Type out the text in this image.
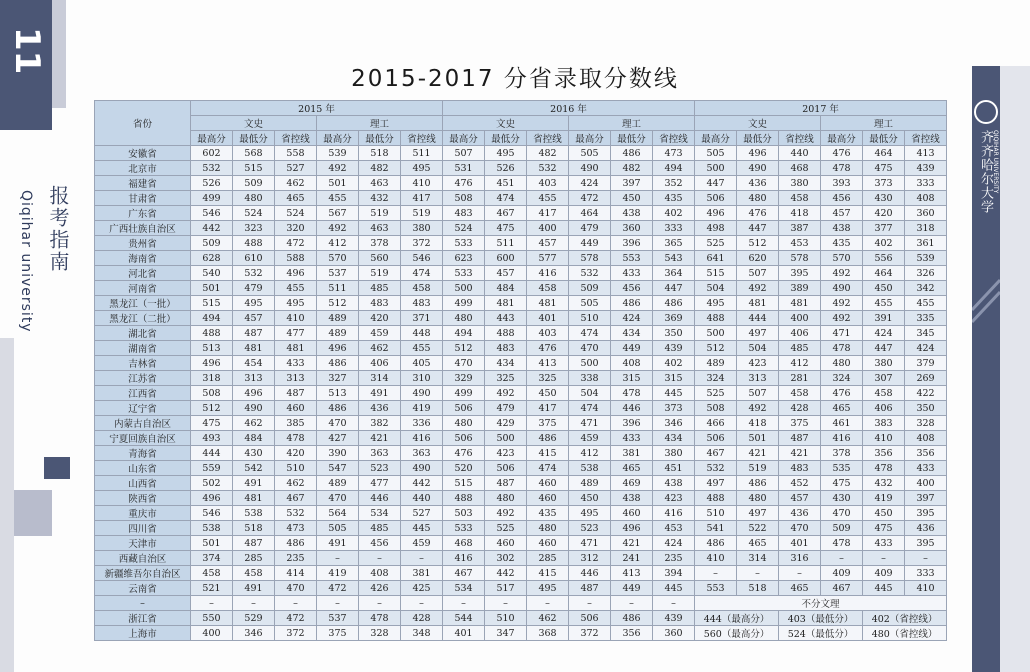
11
报考指南
Qiqihar university
齐齐哈尔大学 QIQIHAR UNIVERSITY
2015-2017 分省录取分数线
省份	2015 年						2016 年						2017 年					
	文史			理工			文史			理工			文史			理工		
	最高分	最低分	省控线	最高分	最低分	省控线	最高分	最低分	省控线	最高分	最低分	省控线	最高分	最低分	省控线	最高分	最低分	省控线
安徽省	602	568	558	539	518	511	507	495	482	505	486	473	505	496	440	476	464	413
北京市	532	515	527	492	482	495	531	526	532	490	482	494	500	490	468	478	475	439
福建省	526	509	462	501	463	410	476	451	403	424	397	352	447	436	380	393	373	333
甘肃省	499	480	465	455	432	417	508	474	455	472	450	435	506	480	458	456	430	408
广东省	546	524	524	567	519	519	483	467	417	464	438	402	496	476	418	457	420	360
广西壮族自治区	442	323	320	492	463	380	524	475	400	479	360	333	498	447	387	438	377	318
贵州省	509	488	472	412	378	372	533	511	457	449	396	365	525	512	453	435	402	361
海南省	628	610	588	570	560	546	623	600	577	578	553	543	641	620	578	570	556	539
河北省	540	532	496	537	519	474	533	457	416	532	433	364	515	507	395	492	464	326
河南省	501	479	455	511	485	458	500	484	458	509	456	447	504	492	389	490	450	342
黑龙江（一批）	515	495	495	512	483	483	499	481	481	505	486	486	495	481	481	492	455	455
黑龙江（二批）	494	457	410	489	420	371	480	443	401	510	424	369	488	444	400	492	391	335
湖北省	488	487	477	489	459	448	494	488	403	474	434	350	500	497	406	471	424	345
湖南省	513	481	481	496	462	455	512	483	476	470	449	439	512	504	485	478	447	424
吉林省	496	454	433	486	406	405	470	434	413	500	408	402	489	423	412	480	380	379
江苏省	318	313	313	327	314	310	329	325	325	338	315	315	324	313	281	324	307	269
江西省	508	496	487	513	491	490	499	492	450	504	478	445	525	507	458	476	458	422
辽宁省	512	490	460	486	436	419	506	479	417	474	446	373	508	492	428	465	406	350
内蒙古自治区	475	462	385	470	382	336	480	429	375	471	396	346	466	418	375	461	383	328
宁夏回族自治区	493	484	478	427	421	416	506	500	486	459	433	434	506	501	487	416	410	408
青海省	444	430	420	390	363	363	476	423	415	412	381	380	467	421	421	378	356	356
山东省	559	542	510	547	523	490	520	506	474	538	465	451	532	519	483	535	478	433
山西省	502	491	462	489	477	442	515	487	460	489	469	438	497	486	452	475	432	400
陕西省	496	481	467	470	446	440	488	480	460	450	438	423	488	480	457	430	419	397
重庆市	546	538	532	564	534	527	503	492	435	495	460	416	510	497	436	470	450	395
四川省	538	518	473	505	485	445	533	525	480	523	496	453	541	522	470	509	475	436
天津市	501	487	486	491	456	459	468	460	460	471	421	424	486	465	401	478	433	395
西藏自治区	374	285	235	–	–	–	416	302	285	312	241	235	410	314	316	–	–	–
新疆维吾尔自治区	458	458	414	419	408	381	467	442	415	446	413	394	–	–	–	409	409	333
云南省	521	491	470	472	426	425	534	517	495	487	449	445	553	518	465	467	445	410
–	–	–	–	–	–	–	–	–	–	–	–	–	不分文理					
浙江省	550	529	472	537	478	428	544	510	462	506	486	439	444（最高分）		403（最低分）		402（省控线）	
上海市	400	346	372	375	328	348	401	347	368	372	356	360	560（最高分）		524（最低分）		480（省控线）	
